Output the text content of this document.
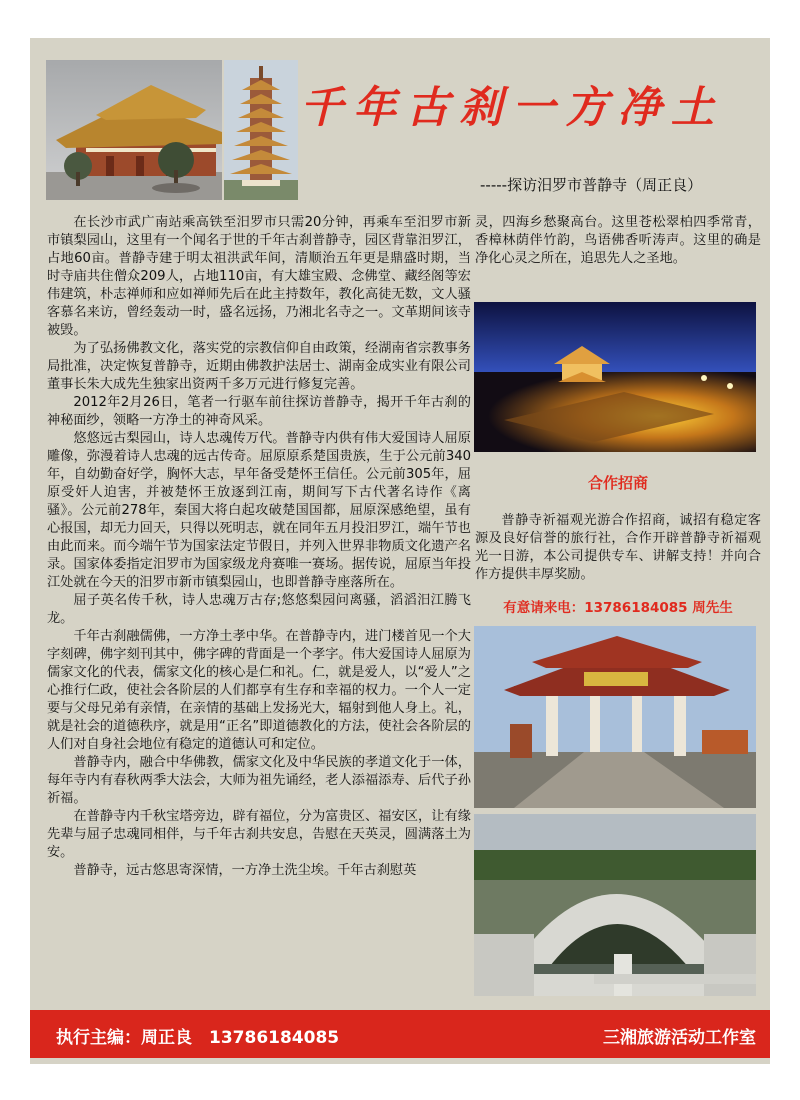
千年古刹一方净土
-----探访汨罗市普静寺（周正良）

在长沙市武广南站乘高铁至汨罗市只需20分钟，再乘车至汨罗市新市镇梨园山，这里有一个闻名于世的千年古刹普静寺，园区背靠汨罗江，占地60亩。普静寺建于明太祖洪武年间，清顺治五年更是鼎盛时期，当时寺庙共住僧众209人，占地110亩，有大雄宝殿、念佛堂、藏经阁等宏伟建筑，朴志禅师和应如禅师先后在此主持数年，教化高徒无数，文人骚客慕名来访，曾经轰动一时，盛名远扬，乃湘北名寺之一。文革期间该寺被毁。

为了弘扬佛教文化，落实党的宗教信仰自由政策，经湖南省宗教事务局批准，决定恢复普静寺，近期由佛教护法居士、湖南金成实业有限公司董事长朱大成先生独家出资两千多万元进行修复完善。

2012年2月26日，笔者一行驱车前往探访普静寺，揭开千年古刹的神秘面纱，领略一方净土的神奇风采。

悠悠远古梨园山，诗人忠魂传万代。普静寺内供有伟大爱国诗人屈原雕像，弥漫着诗人忠魂的远古传奇。屈原原系楚国贵族，生于公元前340年，自幼勤奋好学，胸怀大志，早年备受楚怀王信任。公元前305年，屈原受奸人迫害，并被楚怀王放逐到江南，期间写下古代著名诗作《离骚》。公元前278年，秦国大将白起攻破楚国国都，屈原深感绝望，虽有心报国，却无力回天，只得以死明志，就在同年五月投汨罗江，端午节也由此而来。而今端午节为国家法定节假日，并列入世界非物质文化遗产名录。国家体委指定汨罗市为国家级龙舟赛唯一赛场。据传说，屈原当年投江处就在今天的汨罗市新市镇梨园山，也即普静寺座落所在。

屈子英名传千秋，诗人忠魂万古存;悠悠梨园问离骚，滔滔汨江腾飞龙。

千年古刹融儒佛，一方净土孝中华。在普静寺内，进门楼首见一个大字刻碑，佛字刻刊其中，佛字碑的背面是一个孝字。伟大爱国诗人屈原为儒家文化的代表，儒家文化的核心是仁和礼。仁，就是爱人，以“爱人”之心推行仁政，使社会各阶层的人们都享有生存和幸福的权力。一个人一定要与父母兄弟有亲情，在亲情的基础上发扬光大，辐射到他人身上。礼，就是社会的道德秩序，就是用“正名”即道德教化的方法，使社会各阶层的人们对自身社会地位有稳定的道德认可和定位。

普静寺内，融合中华佛教，儒家文化及中华民族的孝道文化于一体，每年寺内有春秋两季大法会，大师为祖先诵经，老人添福添寿、后代子孙祈福。

在普静寺内千秋宝塔旁边，辟有福位，分为富贵区、福安区，让有缘先辈与屈子忠魂同相伴，与千年古刹共安息，告慰在天英灵，圆满落土为安。

普静寺，远古悠思寄深情，一方净土洗尘埃。千年古刹慰英

灵，四海乡愁聚高台。这里苍松翠柏四季常青，香樟林荫伴竹韵，鸟语佛香听涛声。这里的确是净化心灵之所在，追思先人之圣地。
合作招商
普静寺祈福观光游合作招商，诚招有稳定客源及良好信誉的旅行社，合作开辟普静寺祈福观光一日游，本公司提供专车、讲解支持！并向合作方提供丰厚奖励。
有意请来电：13786184085 周先生
执行主编：周正良　13786184085	三湘旅游活动工作室
